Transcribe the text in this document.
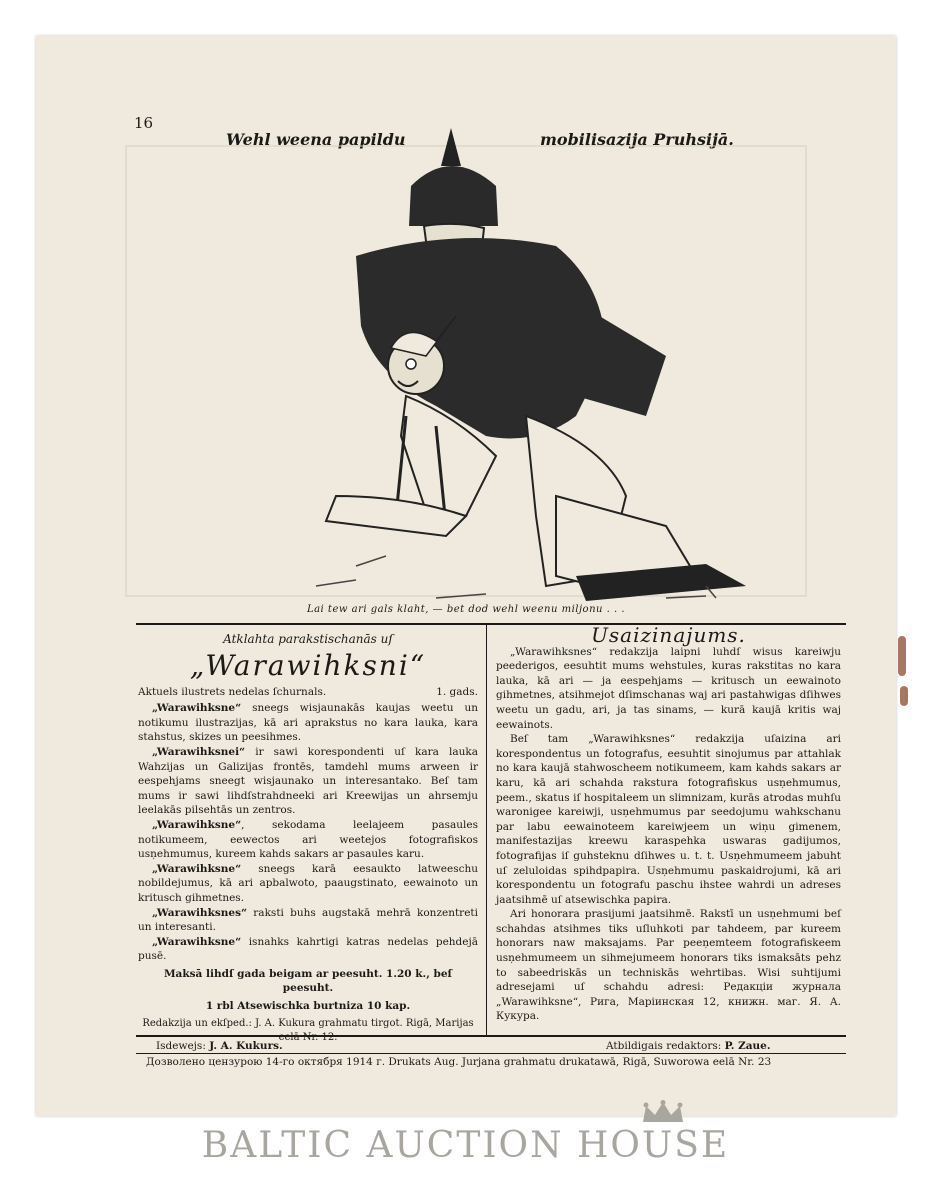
16
Wehl weena papildu	mobilisazija Pruhsijā.
Lai tew ari gals klaht, — bet dod wehl weenu miljonu . . .
Atklahta parakstischanās uſ
„Warawihksni“
Aktuels ilustrets nedelas ſchurnals.	1. gads.

„Warawihksne“ sneegs wisjaunakās kaujas weetu un notikumu ilustrazijas, kā ari aprakstus no kara lauka, kara stahstus, skizes un peesihmes.

„Warawihksnei“ ir sawi korespondenti uſ kara lauka Wahzijas un Galizijas frontēs, tamdehl mums arween ir eespehjams sneegt wisjaunako un interesantako. Beſ tam mums ir sawi lihdſstrahdneeki ari Kreewijas un ahrsemju leelakās pilsehtās un zentros.

„Warawihksne“, sekodama leelajeem pasaules notikumeem, eewectos ari weetejos fotografiskos usņehmumus, kureem kahds sakars ar pasaules karu.

„Warawihksne“ sneegs karā eesaukto latweeschu nobildejumus, kā ari apbalwoto, paaugstinato, eewainoto un kritusch gihmetnes.

„Warawihksnes“ raksti buhs augstakā mehrā konzentreti un interesanti.

„Warawihksne“ isnahks kahrtigi katras nedelas pehdejā pusē.

Maksā lihdſ gada beigam ar peesuht. 1.20 k., beſ peesuht.
1 rbl Atsewischka burtniza 10 kap.

Redakzija un ekſped.: J. A. Kukura grahmatu tirgot. Rigā, Marijas eelā Nr. 12.

Usaizinajums.

„Warawihksnes“ redakzija laipni luhdſ wisus kareiwju peederigos, eesuhtit mums wehstules, kuras rakstitas no kara lauka, kā ari — ja eespehjams — kritusch un eewainoto gihmetnes, atsihmejot dſimschanas waj ari pastahwigas dſihwes weetu un gadu, ari, ja tas sinams, — kurā kaujā kritis waj eewainots.

Beſ tam „Warawihksnes“ redakzija uſaizina ari korespondentus un fotografus, eesuhtit sinojumus par attahlak no kara kaujā stahwoscheem notikumeem, kam kahds sakars ar karu, kā ari schahda rakstura fotografiskus usņehmumus, peem., skatus iſ hospitaleem un slimnizam, kurās atrodas muhſu waronigee kareiwji, usņehmumus par seedojumu wahkschanu par labu eewainoteem kareiwjeem un wiņu gimenem, manifestazijas kreewu karaspehka uswaras gadijumos, fotografijas iſ guhsteknu dſihwes u. t. t. Usņehmumeem jabuht uſ zeluloidas spihdpapira. Usņehmumu paskaidrojumi, kā ari korespondentu un fotografu paschu ihstee wahrdi un adreses jaatsihmē uſ atsewischka papira.

Ari honorara prasijumi jaatsihmē. Rakstī un usņehmumi beſ schahdas atsihmes tiks uſluhkoti par tahdeem, par kureem honorars naw maksajams. Par peeņemteem fotografiskeem usņehmumeem un sihmejumeem honorars tiks ismaksāts pehz to sabeedriskās un techniskās wehrtibas. Wisi suhtijumi adresejami uſ schahdu adresi: Редакціи журнала „Warawihksne“, Рига, Маріинская 12, книжн. маг. Я. А. Кукура.

Isdewejs: J. A. Kukurs.	Atbildigais redaktors: P. Zaue.
Дозволено цензурою 14-го октября 1914 г. Drukats Aug. Jurjana grahmatu drukatawā, Rigā, Suworowa eelā Nr. 23
BALTIC AUCTION HOUSE
